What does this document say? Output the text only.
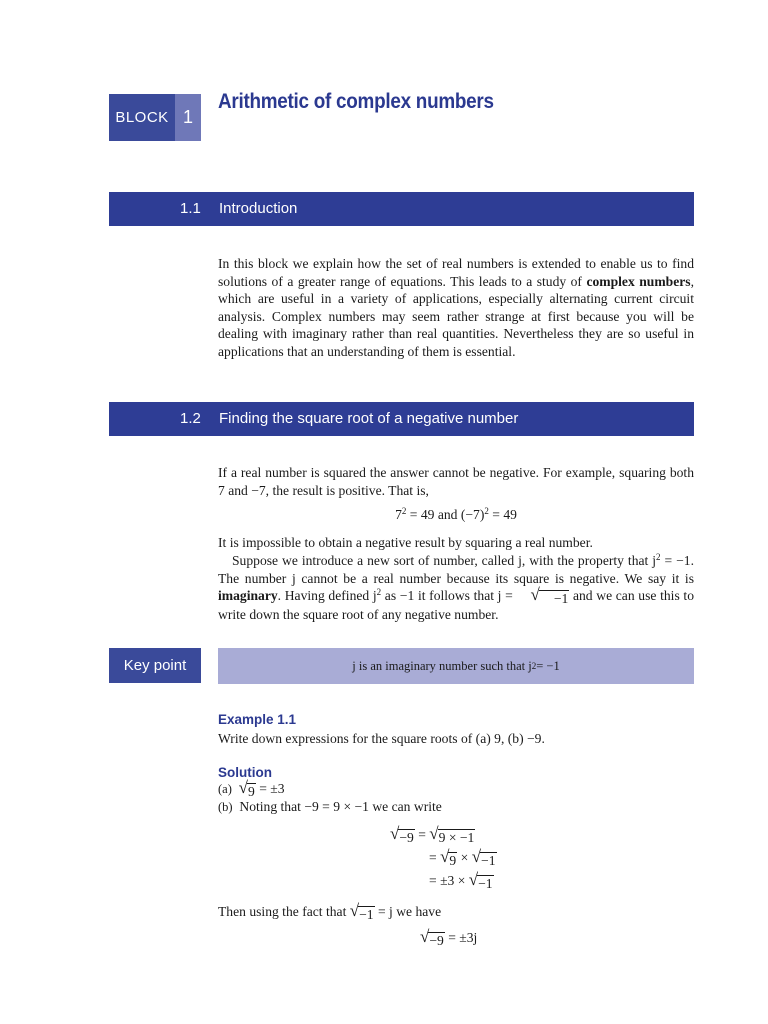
BLOCK 1
Arithmetic of complex numbers
1.1 Introduction
In this block we explain how the set of real numbers is extended to enable us to find solutions of a greater range of equations. This leads to a study of complex numbers, which are useful in a variety of applications, especially alternating current circuit analysis. Complex numbers may seem rather strange at first because you will be dealing with imaginary rather than real quantities. Nevertheless they are so useful in applications that an understanding of them is essential.
1.2 Finding the square root of a negative number
If a real number is squared the answer cannot be negative. For example, squaring both 7 and −7, the result is positive. That is,
$7^2 = 49$ and $(-7)^2 = 49$
It is impossible to obtain a negative result by squaring a real number.
Suppose we introduce a new sort of number, called j, with the property that $j^2 = -1$. The number j cannot be a real number because its square is negative. We say it is imaginary. Having defined $j^2$ as −1 it follows that j = √	−1 and we can use this to write down the square root of any negative number.
Key point	j is an imaginary number such that j 2 = −1
Example 1.1
Write down expressions for the square roots of (a) 9, (b) −9.
Solution
(a) √ 9 = ±3
(b) Noting that −9 = 9 × −1 we can write
√ −9 = √ 9 × −1
= √ 9 × √ −1
= ±3 × √ −1
Then using the fact that √ −1 = j we have
√ −9 = ±3j
